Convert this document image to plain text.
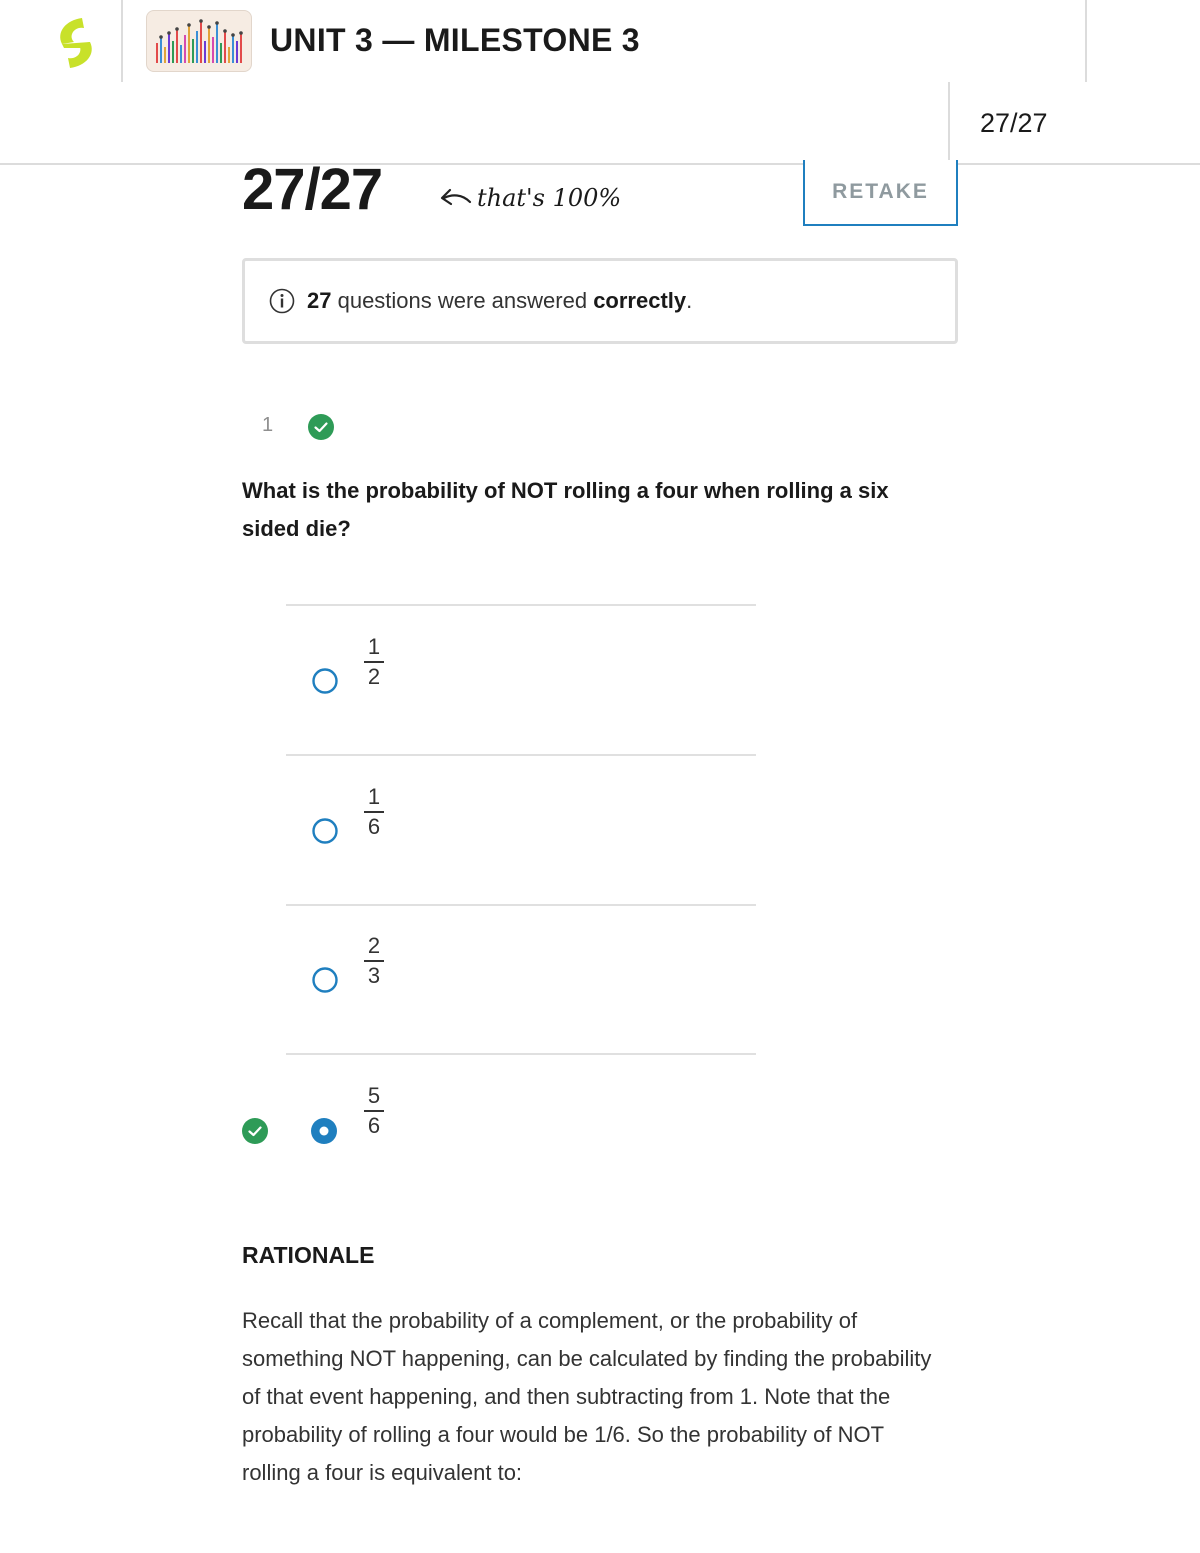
UNIT 3 — MILESTONE 3
27/27
27/27	that's 100%	RETAKE
27 questions were answered correctly.
1
What is the probability of NOT rolling a four when rolling a six sided die?
1
2
1
6
2
3
5
6
RATIONALE
Recall that the probability of a complement, or the probability of something NOT happening, can be calculated by finding the probability of that event happening, and then subtracting from 1. Note that the probability of rolling a four would be 1/6. So the probability of NOT rolling a four is equivalent to:
